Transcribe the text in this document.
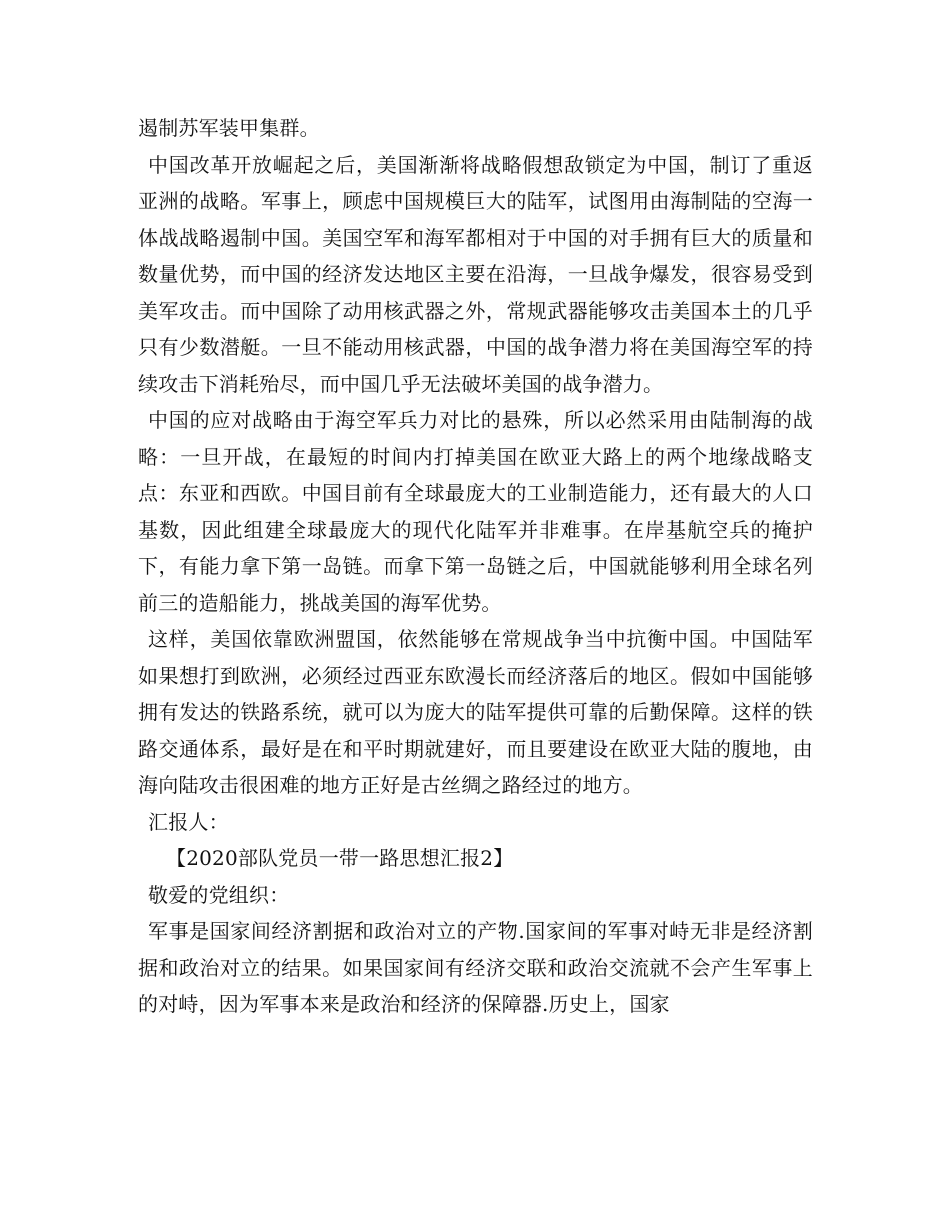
遏制苏军装甲集群。

中国改革开放崛起之后，美国渐渐将战略假想敌锁定为中国，制订了重返亚洲的战略。军事上，顾虑中国规模巨大的陆军，试图用由海制陆的空海一体战战略遏制中国。美国空军和海军都相对于中国的对手拥有巨大的质量和数量优势，而中国的经济发达地区主要在沿海，一旦战争爆发，很容易受到美军攻击。而中国除了动用核武器之外，常规武器能够攻击美国本土的几乎只有少数潜艇。一旦不能动用核武器，中国的战争潜力将在美国海空军的持续攻击下消耗殆尽，而中国几乎无法破坏美国的战争潜力。

中国的应对战略由于海空军兵力对比的悬殊，所以必然采用由陆制海的战略：一旦开战，在最短的时间内打掉美国在欧亚大路上的两个地缘战略支点：东亚和西欧。中国目前有全球最庞大的工业制造能力，还有最大的人口基数，因此组建全球最庞大的现代化陆军并非难事。在岸基航空兵的掩护下，有能力拿下第一岛链。而拿下第一岛链之后，中国就能够利用全球名列前三的造船能力，挑战美国的海军优势。

这样，美国依靠欧洲盟国，依然能够在常规战争当中抗衡中国。中国陆军如果想打到欧洲，必须经过西亚东欧漫长而经济落后的地区。假如中国能够拥有发达的铁路系统，就可以为庞大的陆军提供可靠的后勤保障。这样的铁路交通体系，最好是在和平时期就建好，而且要建设在欧亚大陆的腹地，由海向陆攻击很困难的地方正好是古丝绸之路经过的地方。

汇报人：

【2020部队党员一带一路思想汇报2】

敬爱的党组织：

军事是国家间经济割据和政治对立的产物.国家间的军事对峙无非是经济割据和政治对立的结果。如果国家间有经济交联和政治交流就不会产生军事上的对峙，因为军事本来是政治和经济的保障器.历史上，国家
